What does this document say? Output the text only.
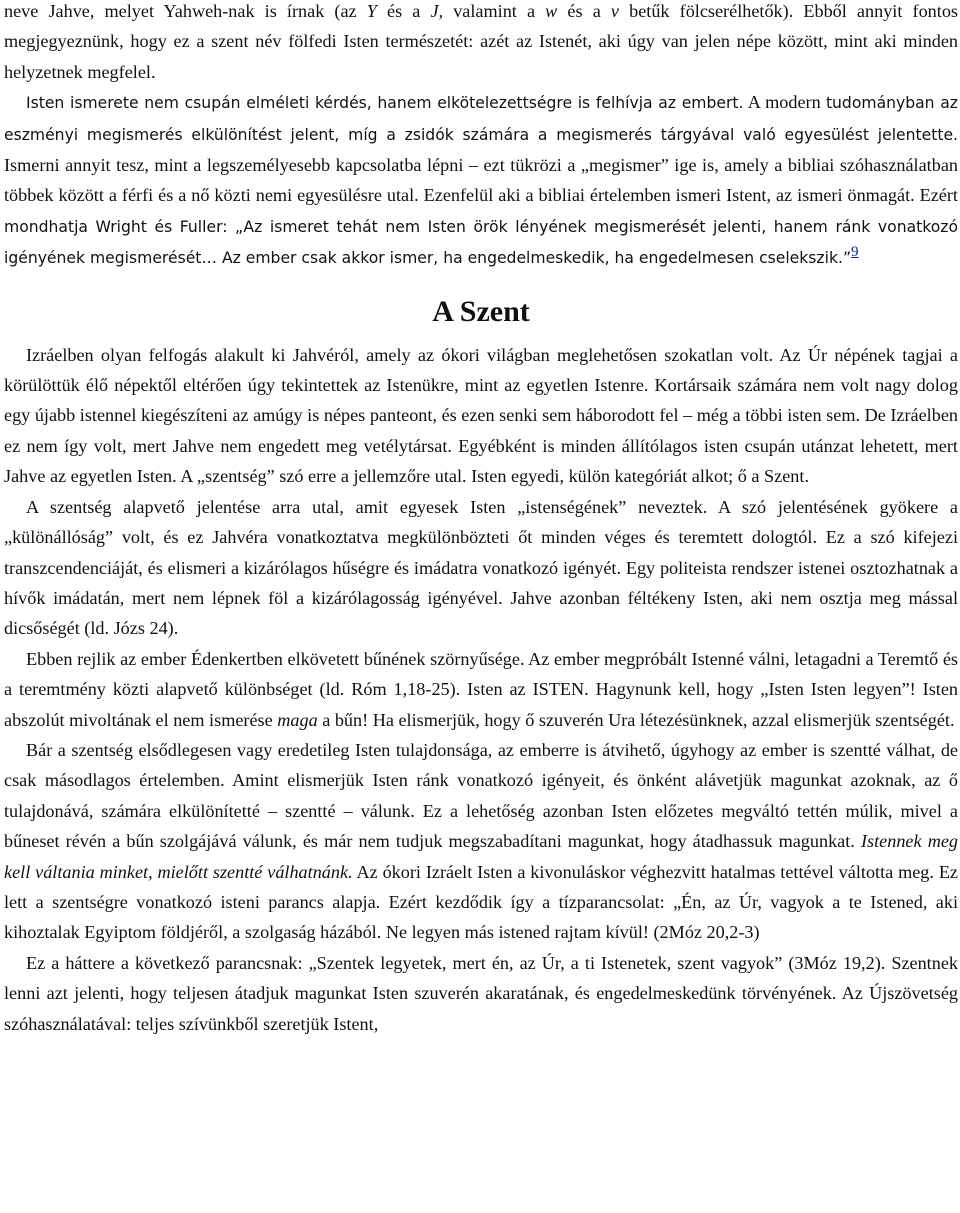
neve Jahve, melyet Yahweh-nak is írnak (az Y és a J, valamint a w és a v betűk fölcserélhetők). Ebből annyit fontos megjegyeznünk, hogy ez a szent név fölfedi Isten természetét: azét az Istenét, aki úgy van jelen népe között, mint aki minden helyzetnek megfelel.

Isten ismerete nem csupán elméleti kérdés, hanem elkötelezettségre is felhívja az embert. A modern tudományban az eszményi megismerés elkülönítést jelent, míg a zsidók számára a megismerés tárgyával való egyesülést jelentette. Ismerni annyit tesz, mint a legszemélyesebb kapcsolatba lépni – ezt tükrözi a „megismer” ige is, amely a bibliai szóhasználatban többek között a férfi és a nő közti nemi egyesülésre utal. Ezenfelül aki a bibliai értelemben ismeri Istent, az ismeri önmagát. Ezért mondhatja Wright és Fuller: „Az ismeret tehát nem Isten örök lényének megismerését jelenti, hanem ránk vonatkozó igényének megismerését… Az ember csak akkor ismer, ha engedelmeskedik, ha engedelmesen cselekszik.”$^9$

A Szent

Izráelben olyan felfogás alakult ki Jahvéról, amely az ókori világban meglehetősen szokatlan volt. Az Úr népének tagjai a körülöttük élő népektől eltérően úgy tekintettek az Istenükre, mint az egyetlen Istenre. Kortársaik számára nem volt nagy dolog egy újabb istennel kiegészíteni az amúgy is népes panteont, és ezen senki sem háborodott fel – még a többi isten sem. De Izráelben ez nem így volt, mert Jahve nem engedett meg vetélytársat. Egyébként is minden állítólagos isten csupán utánzat lehetett, mert Jahve az egyetlen Isten. A „szentség” szó erre a jellemzőre utal. Isten egyedi, külön kategóriát alkot; ő a Szent.

A szentség alapvető jelentése arra utal, amit egyesek Isten „istenségének” neveztek. A szó jelentésének gyökere a „különállóság” volt, és ez Jahvéra vonatkoztatva megkülönbözteti őt minden véges és teremtett dologtól. Ez a szó kifejezi transzcendenciáját, és elismeri a kizárólagos hűségre és imádatra vonatkozó igényét. Egy politeista rendszer istenei osztozhatnak a hívők imádatán, mert nem lépnek föl a kizárólagosság igényével. Jahve azonban féltékeny Isten, aki nem osztja meg mással dicsőségét (ld. Józs 24).

Ebben rejlik az ember Édenkertben elkövetett bűnének szörnyűsége. Az ember megpróbált Istenné válni, letagadni a Teremtő és a teremtmény közti alapvető különbséget (ld. Róm 1,18-25). Isten az ISTEN. Hagynunk kell, hogy „Isten Isten legyen”! Isten abszolút mivoltának el nem ismerése maga a bűn! Ha elismerjük, hogy ő szuverén Ura létezésünknek, azzal elismerjük szentségét.

Bár a szentség elsődlegesen vagy eredetileg Isten tulajdonsága, az emberre is átvihető, úgyhogy az ember is szentté válhat, de csak másodlagos értelemben. Amint elismerjük Isten ránk vonatkozó igényeit, és önként alávetjük magunkat azoknak, az ő tulajdonává, számára elkülönítetté – szentté – válunk. Ez a lehetőség azonban Isten előzetes megváltó tettén múlik, mivel a bűneset révén a bűn szolgájává válunk, és már nem tudjuk megszabadítani magunkat, hogy átadhassuk magunkat. Istennek meg kell váltania minket, mielőtt szentté válhatnánk. Az ókori Izráelt Isten a kivonuláskor véghezvitt hatalmas tettével váltotta meg. Ez lett a szentségre vonatkozó isteni parancs alapja. Ezért kezdődik így a tízparancsolat: „Én, az Úr, vagyok a te Istened, aki kihoztalak Egyiptom földjéről, a szolgaság házából. Ne legyen más istened rajtam kívül! (2Móz 20,2-3)

Ez a háttere a következő parancsnak: „Szentek legyetek, mert én, az Úr, a ti Istenetek, szent vagyok” (3Móz 19,2). Szentnek lenni azt jelenti, hogy teljesen átadjuk magunkat Isten szuverén akaratának, és engedelmeskedünk törvényének. Az Újszövetség szóhasználatával: teljes szívünkből szeretjük Istent,
